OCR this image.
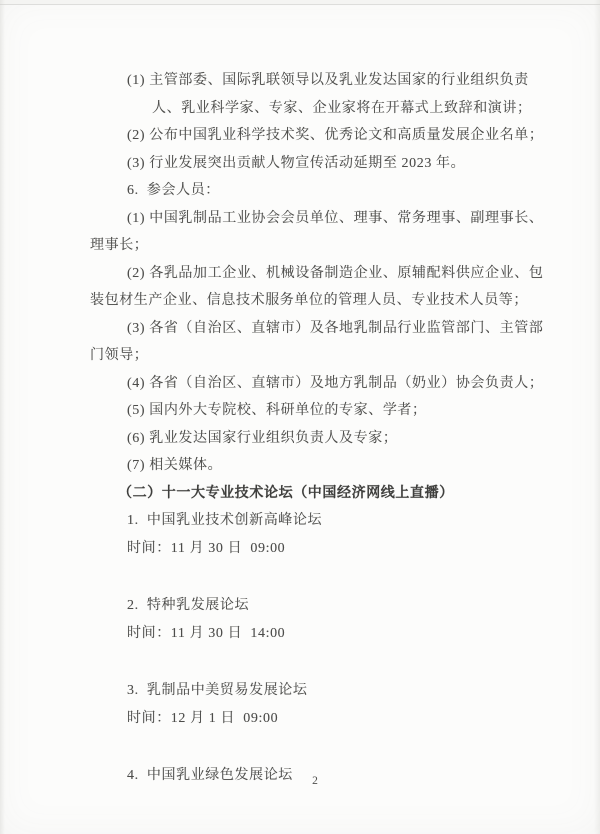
(1) 主管部委、国际乳联领导以及乳业发达国家的行业组织负责

人、乳业科学家、专家、企业家将在开幕式上致辞和演讲；

(2) 公布中国乳业科学技术奖、优秀论文和高质量发展企业名单；

(3) 行业发展突出贡献人物宣传活动延期至 2023 年。

6.  参会人员：

(1) 中国乳制品工业协会会员单位、理事、常务理事、副理事长、

理事长；

(2) 各乳品加工企业、机械设备制造企业、原辅配料供应企业、包

装包材生产企业、信息技术服务单位的管理人员、专业技术人员等；

(3) 各省（自治区、直辖市）及各地乳制品行业监管部门、主管部

门领导；

(4) 各省（自治区、直辖市）及地方乳制品（奶业）协会负责人；

(5) 国内外大专院校、科研单位的专家、学者；

(6) 乳业发达国家行业组织负责人及专家；

(7) 相关媒体。

（二）十一大专业技术论坛（中国经济网线上直播）

1.  中国乳业技术创新高峰论坛

时间：11 月 30 日  09:00

2.  特种乳发展论坛

时间：11 月 30 日  14:00

3.  乳制品中美贸易发展论坛

时间：12 月 1 日  09:00

4.  中国乳业绿色发展论坛	2
